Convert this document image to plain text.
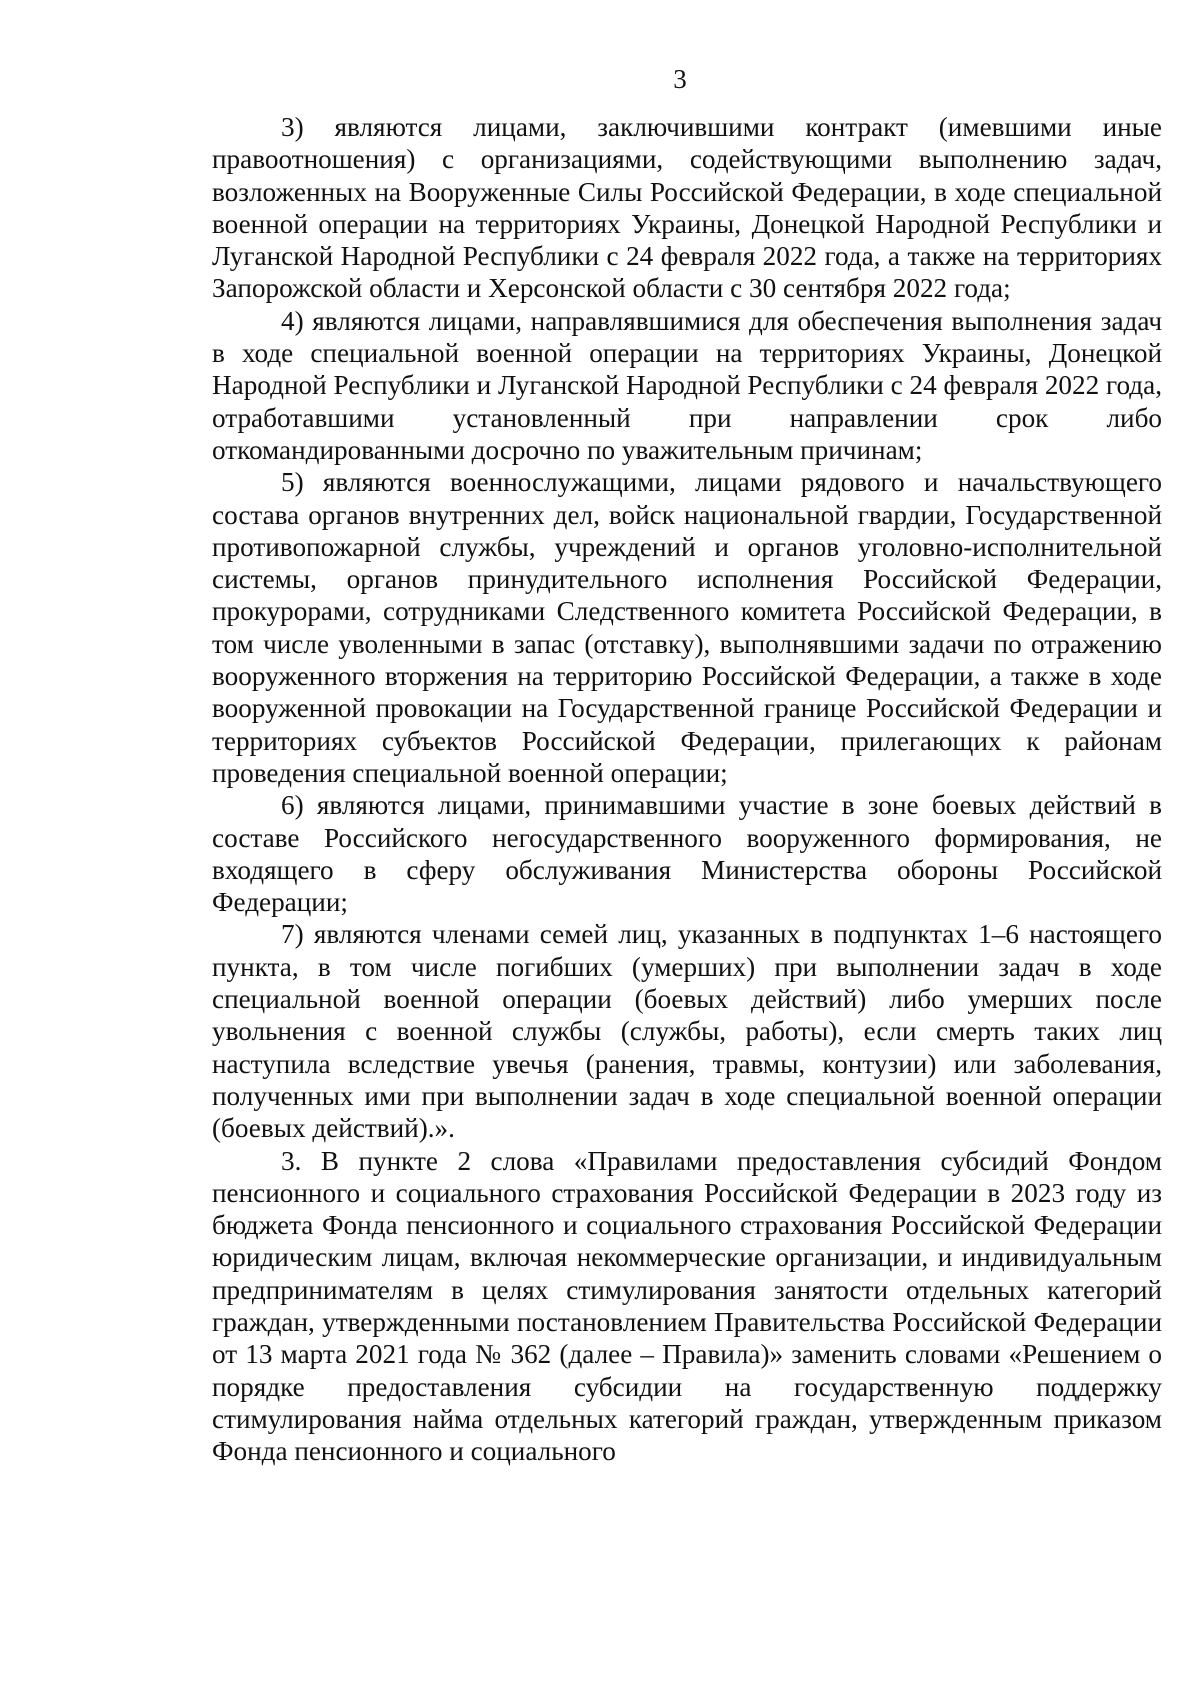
3

3) являются лицами, заключившими контракт (имевшими иные правоотношения) с организациями, содействующими выполнению задач, возложенных на Вооруженные Силы Российской Федерации, в ходе специальной военной операции на территориях Украины, Донецкой Народной Республики и Луганской Народной Республики с 24 февраля 2022 года, а также на территориях Запорожской области и Херсонской области с 30 сентября 2022 года;

4) являются лицами, направлявшимися для обеспечения выполнения задач в ходе специальной военной операции на территориях Украины, Донецкой Народной Республики и Луганской Народной Республики с 24 февраля 2022 года, отработавшими установленный при направлении срок либо откомандированными досрочно по уважительным причинам;

5) являются военнослужащими, лицами рядового и начальствующего состава органов внутренних дел, войск национальной гвардии, Государственной противопожарной службы, учреждений и органов уголовно-исполнительной системы, органов принудительного исполнения Российской Федерации, прокурорами, сотрудниками Следственного комитета Российской Федерации, в том числе уволенными в запас (отставку), выполнявшими задачи по отражению вооруженного вторжения на территорию Российской Федерации, а также в ходе вооруженной провокации на Государственной границе Российской Федерации и территориях субъектов Российской Федерации, прилегающих к районам проведения специальной военной операции;

6) являются лицами, принимавшими участие в зоне боевых действий в составе Российского негосударственного вооруженного формирования, не входящего в сферу обслуживания Министерства обороны Российской Федерации;

7) являются членами семей лиц, указанных в подпунктах 1–6 настоящего пункта, в том числе погибших (умерших) при выполнении задач в ходе специальной военной операции (боевых действий) либо умерших после увольнения с военной службы (службы, работы), если смерть таких лиц наступила вследствие увечья (ранения, травмы, контузии) или заболевания, полученных ими при выполнении задач в ходе специальной военной операции (боевых действий).».

3. В пункте 2 слова «Правилами предоставления субсидий Фондом пенсионного и социального страхования Российской Федерации в 2023 году из бюджета Фонда пенсионного и социального страхования Российской Федерации юридическим лицам, включая некоммерческие организации, и индивидуальным предпринимателям в целях стимулирования занятости отдельных категорий граждан, утвержденными постановлением Правительства Российской Федерации от 13 марта 2021 года № 362 (далее – Правила)» заменить словами «Решением о порядке предоставления субсидии на государственную поддержку стимулирования найма отдельных категорий граждан, утвержденным приказом Фонда пенсионного и социального
